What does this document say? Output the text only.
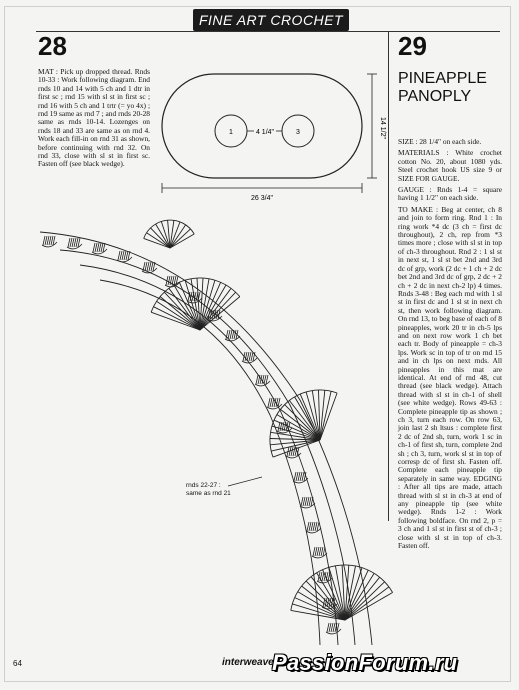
FINE ART CROCHET
28

MAT : Pick up dropped thread. Rnds 10-33 : Work following diagram. End rnds 10 and 14 with 5 ch and 1 dtr in first sc ; rnd 15 with sl st in first sc ; rnd 16 with 5 ch and 1 trtr (= yo 4x) ; rnd 19 same as rnd 7 ; and rnds 20-28 same as rnds 10-14. Lozenges on rnds 18 and 33 are same as on rnd 4. Work each fill-in on rnd 31 as shown, before continuing with rnd 32. On rnd 33, close with sl st in first sc. Fasten off (see black wedge).

29
PINEAPPLE PANOPLY

SIZE : 28 1/4" on each side.

MATERIALS : White crochet cotton No. 20, about 1080 yds. Steel crochet hook US size 9 or SIZE FOR GAUGE.

GAUGE : Rnds 1-4 = square having 1 1/2" on each side.

TO MAKE : Beg at center, ch 8 and join to form ring. Rnd 1 : In ring work *4 dc (3 ch = first dc throughout), 2 ch, rep from *3 times more ; close with sl st in top of ch-3 throughout. Rnd 2 : 1 sl st in next st, 1 sl st bet 2nd and 3rd dc of grp, work (2 dc + 1 ch + 2 dc bet 2nd and 3rd dc of grp, 2 dc + 2 ch + 2 dc in next ch-2 lp) 4 times. Rnds 3-48 : Beg each rnd with 1 sl st in first dc and 1 sl st in next ch st, then work following diagram. On rnd 13, to beg base of each of 8 pineapples, work 20 tr in ch-5 lps and on next row work 1 ch bet each tr. Body of pineapple = ch-3 lps. Work sc in top of tr on rnd 15 and in ch lps on next rnds. All pineapples in this mat are identical. At end of rnd 48, cut thread (see black wedge). Attach thread with sl st in ch-1 of shell (see white wedge). Rows 49-63 : Complete pineapple tip as shown ; ch 3, turn each row. On row 63, join last 2 sh ltsus : complete first 2 dc of 2nd sh, turn, work 1 sc in ch-1 of first sh, turn, complete 2nd sh ; ch 3, turn, work sl st in top of corresp dc of first sh. Fasten off. Complete each pineapple tip separately in same way. EDGING : After all tips are made, attach thread with sl st in ch-3 at end of any pineapple tip (see white wedge). Rnds 1-2 : Work following boldface. On rnd 2, p = 3 ch and 1 sl st in first st of ch-3 ; close with sl st in top of ch-3. Fasten off.

1	4 1/4"	3
26 3/4"
14 1/2"
rnds 22-27 :
same as rnd 21
64	interweave
PassionForum.ru
